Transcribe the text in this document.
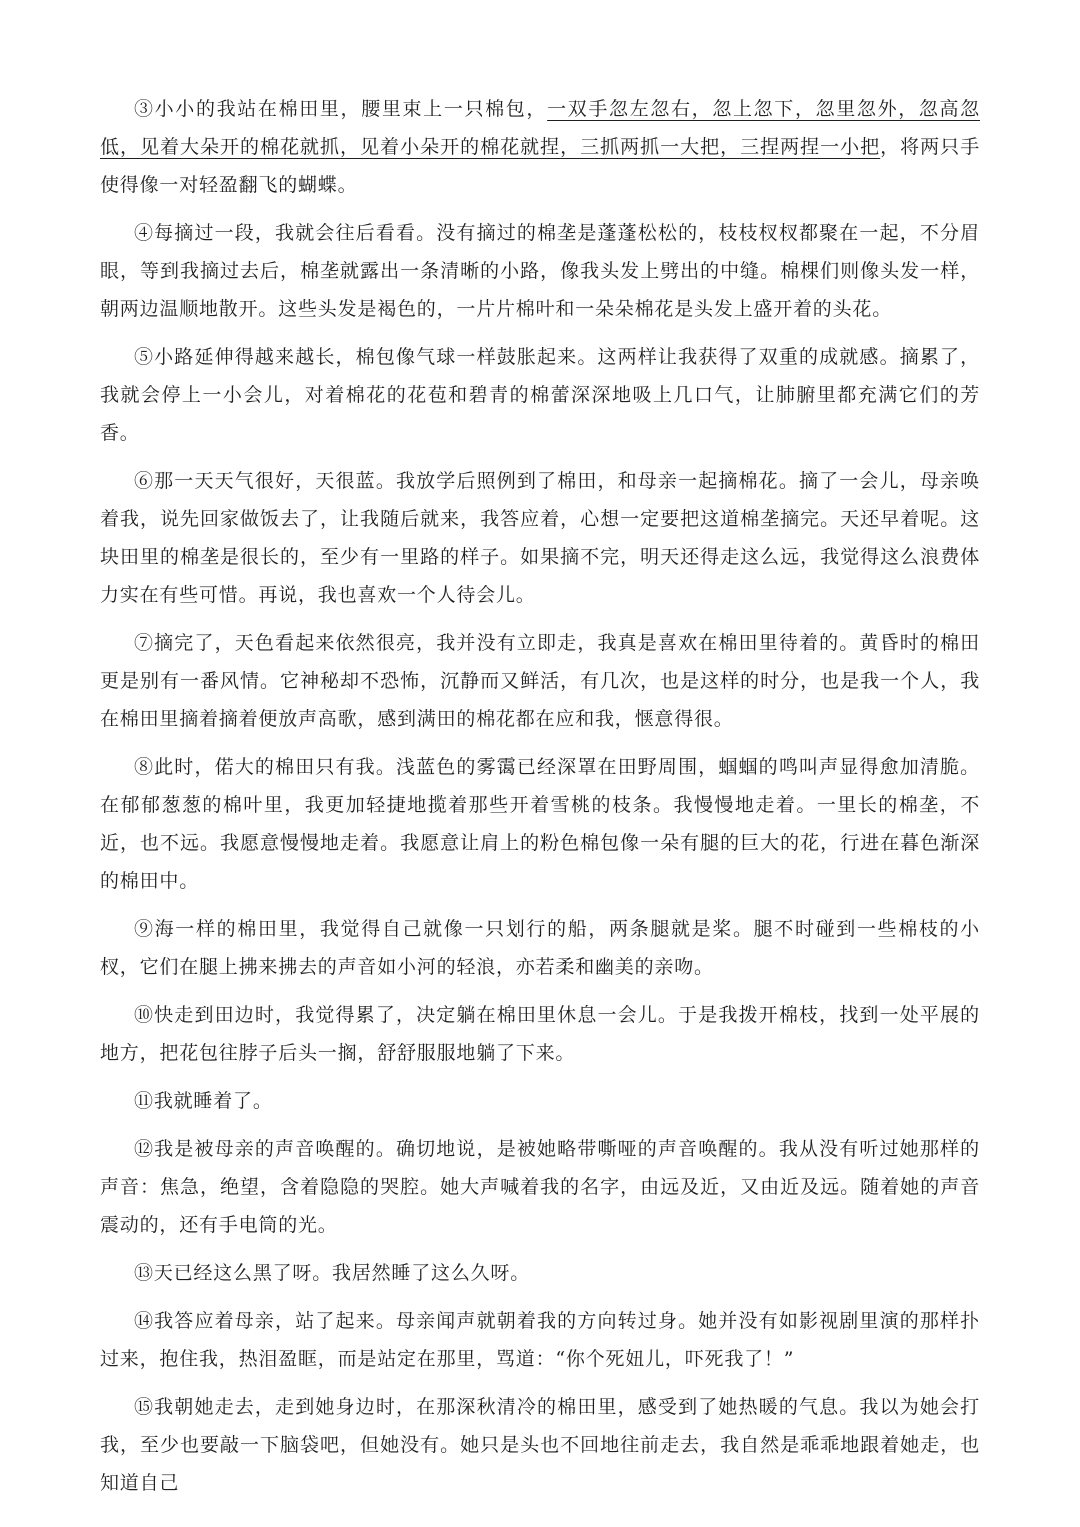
③小小的我站在棉田里，腰里束上一只棉包，一双手忽左忽右，忽上忽下，忽里忽外，忽高忽低，见着大朵开的棉花就抓，见着小朵开的棉花就捏，三抓两抓一大把，三捏两捏一小把，将两只手使得像一对轻盈翻飞的蝴蝶。

④每摘过一段，我就会往后看看。没有摘过的棉垄是蓬蓬松松的，枝枝杈杈都聚在一起，不分眉眼，等到我摘过去后，棉垄就露出一条清晰的小路，像我头发上劈出的中缝。棉棵们则像头发一样，朝两边温顺地散开。这些头发是褐色的，一片片棉叶和一朵朵棉花是头发上盛开着的头花。

⑤小路延伸得越来越长，棉包像气球一样鼓胀起来。这两样让我获得了双重的成就感。摘累了，我就会停上一小会儿，对着棉花的花苞和碧青的棉蕾深深地吸上几口气，让肺腑里都充满它们的芳香。

⑥那一天天气很好，天很蓝。我放学后照例到了棉田，和母亲一起摘棉花。摘了一会儿，母亲唤着我，说先回家做饭去了，让我随后就来，我答应着，心想一定要把这道棉垄摘完。天还早着呢。这块田里的棉垄是很长的，至少有一里路的样子。如果摘不完，明天还得走这么远，我觉得这么浪费体力实在有些可惜。再说，我也喜欢一个人待会儿。

⑦摘完了，天色看起来依然很亮，我并没有立即走，我真是喜欢在棉田里待着的。黄昏时的棉田更是别有一番风情。它神秘却不恐怖，沉静而又鲜活，有几次，也是这样的时分，也是我一个人，我在棉田里摘着摘着便放声高歌，感到满田的棉花都在应和我，惬意得很。

⑧此时，偌大的棉田只有我。浅蓝色的雾霭已经深罩在田野周围，蝈蝈的鸣叫声显得愈加清脆。在郁郁葱葱的棉叶里，我更加轻捷地揽着那些开着雪桃的枝条。我慢慢地走着。一里长的棉垄，不近，也不远。我愿意慢慢地走着。我愿意让肩上的粉色棉包像一朵有腿的巨大的花，行进在暮色渐深的棉田中。

⑨海一样的棉田里，我觉得自己就像一只划行的船，两条腿就是桨。腿不时碰到一些棉枝的小杈，它们在腿上拂来拂去的声音如小河的轻浪，亦若柔和幽美的亲吻。

⑩快走到田边时，我觉得累了，决定躺在棉田里休息一会儿。于是我拨开棉枝，找到一处平展的地方，把花包往脖子后头一搁，舒舒服服地躺了下来。

⑪我就睡着了。

⑫我是被母亲的声音唤醒的。确切地说，是被她略带嘶哑的声音唤醒的。我从没有听过她那样的声音：焦急，绝望，含着隐隐的哭腔。她大声喊着我的名字，由远及近，又由近及远。随着她的声音震动的，还有手电筒的光。

⑬天已经这么黑了呀。我居然睡了这么久呀。

⑭我答应着母亲，站了起来。母亲闻声就朝着我的方向转过身。她并没有如影视剧里演的那样扑过来，抱住我，热泪盈眶，而是站定在那里，骂道：“你个死妞儿，吓死我了！”

⑮我朝她走去，走到她身边时，在那深秋清冷的棉田里，感受到了她热暖的气息。我以为她会打我，至少也要敲一下脑袋吧，但她没有。她只是头也不回地往前走去，我自然是乖乖地跟着她走，也知道自己
